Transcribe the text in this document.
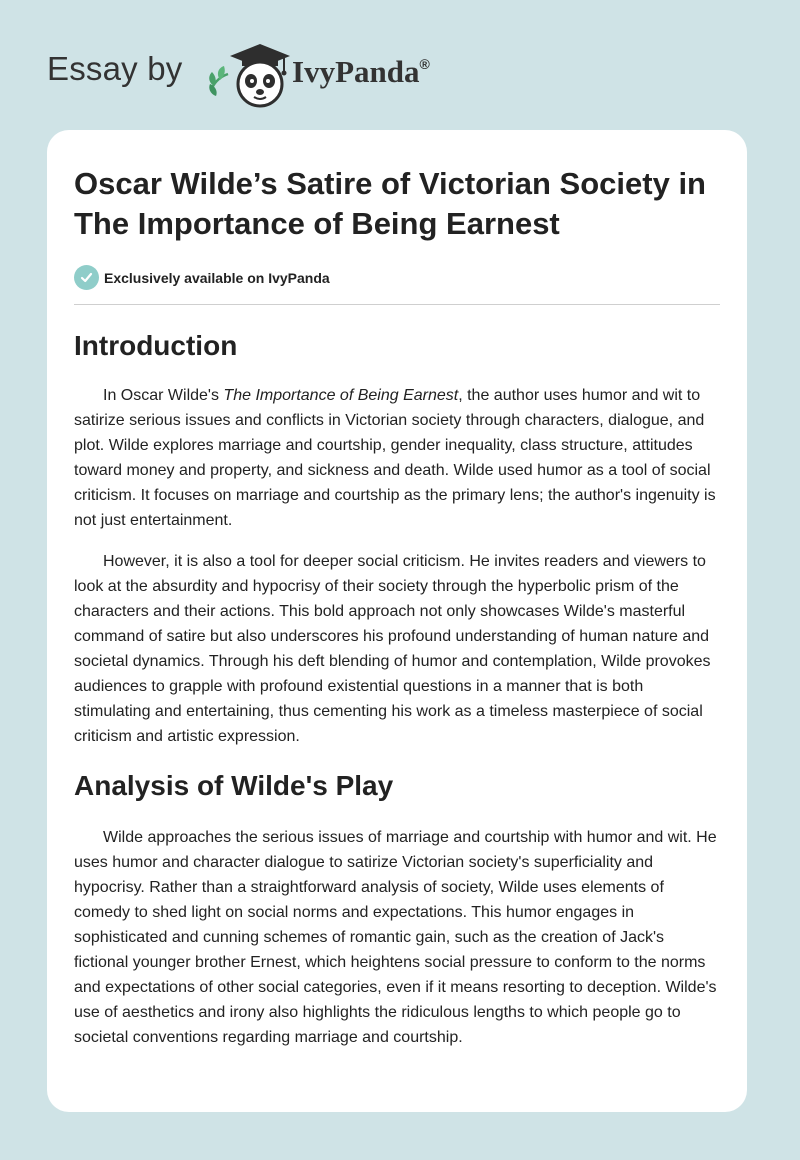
Essay by	IvyPanda®
Oscar Wilde’s Satire of Victorian Society in The Importance of Being Earnest
Exclusively available on IvyPanda
Introduction

In Oscar Wilde's The Importance of Being Earnest, the author uses humor and wit to satirize serious issues and conflicts in Victorian society through characters, dialogue, and plot. Wilde explores marriage and courtship, gender inequality, class structure, attitudes toward money and property, and sickness and death. Wilde used humor as a tool of social criticism. It focuses on marriage and courtship as the primary lens; the author's ingenuity is not just entertainment.

However, it is also a tool for deeper social criticism. He invites readers and viewers to look at the absurdity and hypocrisy of their society through the hyperbolic prism of the characters and their actions. This bold approach not only showcases Wilde's masterful command of satire but also underscores his profound understanding of human nature and societal dynamics. Through his deft blending of humor and contemplation, Wilde provokes audiences to grapple with profound existential questions in a manner that is both stimulating and entertaining, thus cementing his work as a timeless masterpiece of social criticism and artistic expression.

Analysis of Wilde's Play

Wilde approaches the serious issues of marriage and courtship with humor and wit. He uses humor and character dialogue to satirize Victorian society's superficiality and hypocrisy. Rather than a straightforward analysis of society, Wilde uses elements of comedy to shed light on social norms and expectations. This humor engages in sophisticated and cunning schemes of romantic gain, such as the creation of Jack's fictional younger brother Ernest, which heightens social pressure to conform to the norms and expectations of other social categories, even if it means resorting to deception. Wilde's use of aesthetics and irony also highlights the ridiculous lengths to which people go to societal conventions regarding marriage and courtship.
